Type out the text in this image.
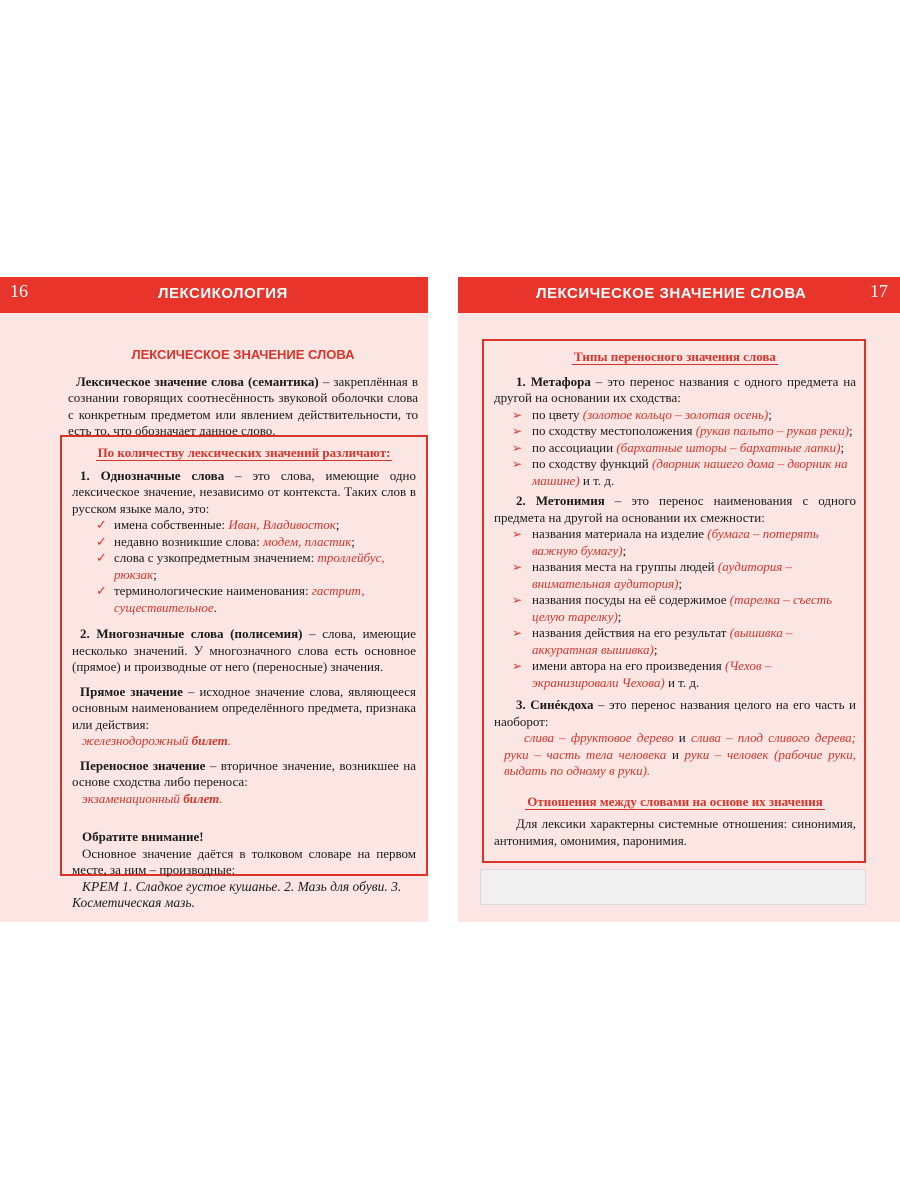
16	ЛЕКСИКОЛОГИЯ
ЛЕКСИЧЕСКОЕ ЗНАЧЕНИЕ СЛОВА

Лексическое значение слова (семантика) – закреплённая в сознании говорящих соотнесённость звуковой оболочки слова с конкретным предметом или явлением действительности, то есть то, что обозначает данное слово.

По количеству лексических значений различают:

1. Однозначные слова – это слова, имеющие одно лексическое значение, независимо от контекста. Таких слов в русском языке мало, это:

✓ имена собственные: Иван, Владивосток;
✓ недавно возникшие слова: модем, пластик;
✓ слова с узкопредметным значением: троллейбус, рюкзак;
✓ терминологические наименования: гастрит, существительное.

2. Многозначные слова (полисемия) – слова, имеющие несколько значений. У многозначного слова есть основное (прямое) и производные от него (переносные) значения.

Прямое значение – исходное значение слова, являющееся основным наименованием определённого предмета, признака или действия:

железнодорожный билет.

Переносное значение – вторичное значение, возникшее на основе сходства либо переноса:

экзаменационный билет.

Обратите внимание!

Основное значение даётся в толковом словаре на первом месте, за ним – производные:

КРЕМ 1. Сладкое густое кушанье. 2. Мазь для обуви. 3. Косметическая мазь.

ЛЕКСИЧЕСКОЕ ЗНАЧЕНИЕ СЛОВА	17
Типы переносного значения слова

1. Метафора – это перенос названия с одного предмета на другой на основании их сходства:

➢ по цвету (золотое кольцо – золотая осень);
➢ по сходству местоположения (рукав пальто – рукав реки);
➢ по ассоциации (бархатные шторы – бархатные лапки);
➢ по сходству функций (дворник нашего дома – дворник на машине) и т. д.

2. Метонимия – это перенос наименования с одного предмета на другой на основании их смежности:

➢ названия материала на изделие (бумага – потерять важную бумагу);
➢ названия места на группы людей (аудитория – внимательная аудитория);
➢ названия посуды на её содержимое (тарелка – съесть целую тарелку);
➢ названия действия на его результат (вышивка – аккуратная вышивка);
➢ имени автора на его произведения (Чехов – экранизировали Чехова) и т. д.

3. Синéкдоха – это перенос названия целого на его часть и наоборот:

слива – фруктовое дерево и слива – плод сливого дерева; руки – часть тела человека и руки – человек (рабочие руки, выдать по одному в руки).

Отношения между словами на основе их значения

Для лексики характерны системные отношения: синонимия, антонимия, омонимия, паронимия.
